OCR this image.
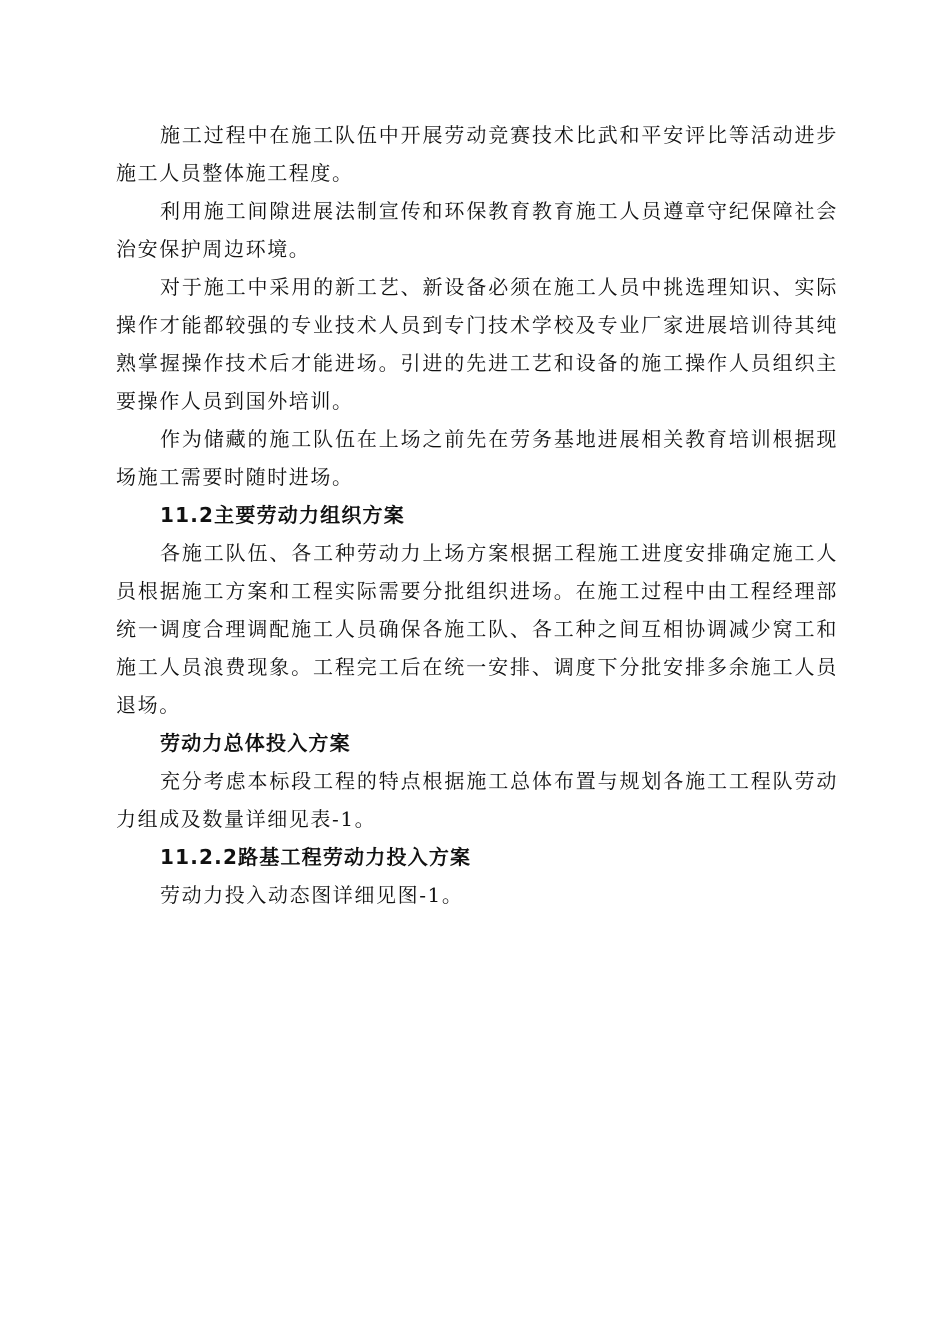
施工过程中在施工队伍中开展劳动竞赛技术比武和平安评比等活动进步施工人员整体施工程度。

利用施工间隙进展法制宣传和环保教育教育施工人员遵章守纪保障社会治安保护周边环境。

对于施工中采用的新工艺、新设备必须在施工人员中挑选理知识、实际操作才能都较强的专业技术人员到专门技术学校及专业厂家进展培训待其纯熟掌握操作技术后才能进场。引进的先进工艺和设备的施工操作人员组织主要操作人员到国外培训。

作为储藏的施工队伍在上场之前先在劳务基地进展相关教育培训根据现场施工需要时随时进场。

11.2主要劳动力组织方案

各施工队伍、各工种劳动力上场方案根据工程施工进度安排确定施工人员根据施工方案和工程实际需要分批组织进场。在施工过程中由工程经理部统一调度合理调配施工人员确保各施工队、各工种之间互相协调减少窝工和施工人员浪费现象。工程完工后在统一安排、调度下分批安排多余施工人员退场。

劳动力总体投入方案

充分考虑本标段工程的特点根据施工总体布置与规划各施工工程队劳动力组成及数量详细见表-1。

11.2.2路基工程劳动力投入方案

劳动力投入动态图详细见图-1。
